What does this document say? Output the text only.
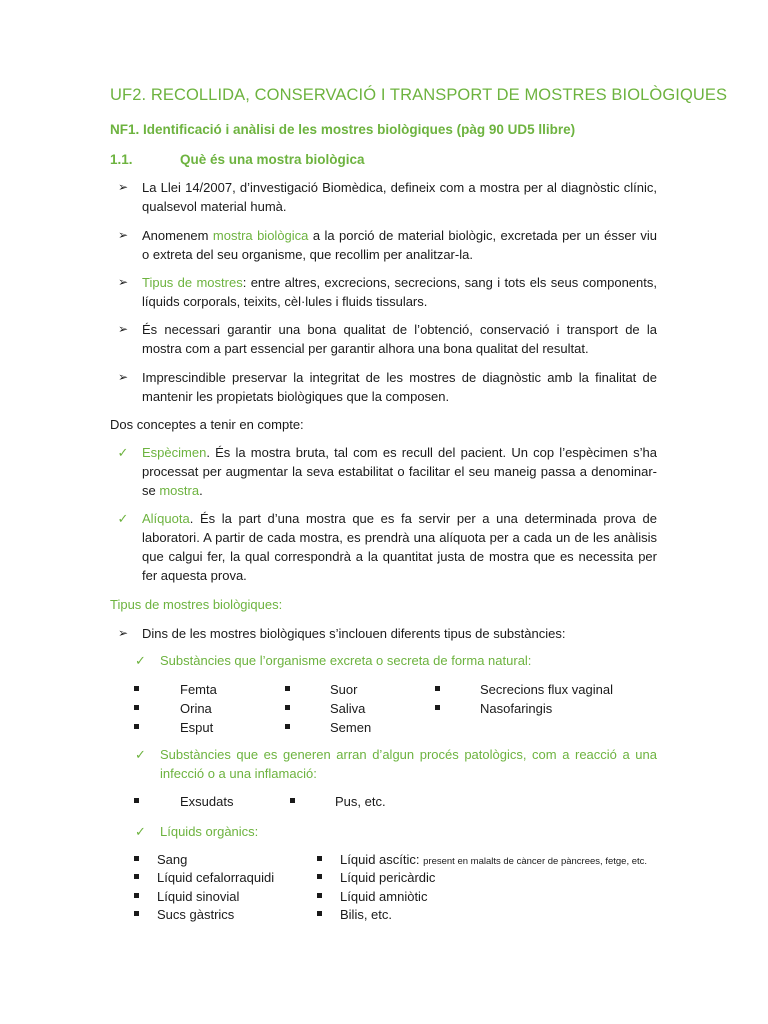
UF2. RECOLLIDA, CONSERVACIÓ I TRANSPORT DE MOSTRES BIOLÒGIQUES
NF1. Identificació i anàlisi de les mostres biològiques (pàg 90 UD5 llibre)
1.1.	Què és una mostra biològica
➢ La Llei 14/2007, d’investigació Biomèdica, defineix com a mostra per al diagnòstic clínic, qualsevol material humà.
➢ Anomenem mostra biològica a la porció de material biològic, excretada per un ésser viu o extreta del seu organisme, que recollim per analitzar-la.
➢ Tipus de mostres: entre altres, excrecions, secrecions, sang i tots els seus components, líquids corporals, teixits, cèl·lules i fluids tissulars.
➢ És necessari garantir una bona qualitat de l’obtenció, conservació i transport de la mostra com a part essencial per garantir alhora una bona qualitat del resultat.
➢ Imprescindible preservar la integritat de les mostres de diagnòstic amb la finalitat de mantenir les propietats biològiques que la composen.
Dos conceptes a tenir en compte:
✓ Espècimen. És la mostra bruta, tal com es recull del pacient. Un cop l’espècimen s’ha processat per augmentar la seva estabilitat o facilitar el seu maneig passa a denominar-se mostra.
✓ Alíquota. És la part d’una mostra que es fa servir per a una determinada prova de laboratori. A partir de cada mostra, es prendrà una alíquota per a cada un de les anàlisis que calgui fer, la qual correspondrà a la quantitat justa de mostra que es necessita per fer aquesta prova.
Tipus de mostres biològiques:
➢ Dins de les mostres biològiques s’inclouen diferents tipus de substàncies:
✓	Substàncies que l’organisme excreta o secreta de forma natural:
Femta
Orina
Esput
Suor
Saliva
Semen
Secrecions flux vaginal
Nasofaringis
✓	Substàncies que es generen arran d’algun procés patològics, com a reacció a una infecció o a una inflamació:
Exsudats	Pus, etc.
✓	Líquids orgànics:
Sang
Líquid cefalorraquidi
Líquid sinovial
Sucs gàstrics
Líquid ascític: present en malalts de càncer de pàncrees, fetge, etc.
Líquid pericàrdic
Líquid amniòtic
Bilis, etc.
